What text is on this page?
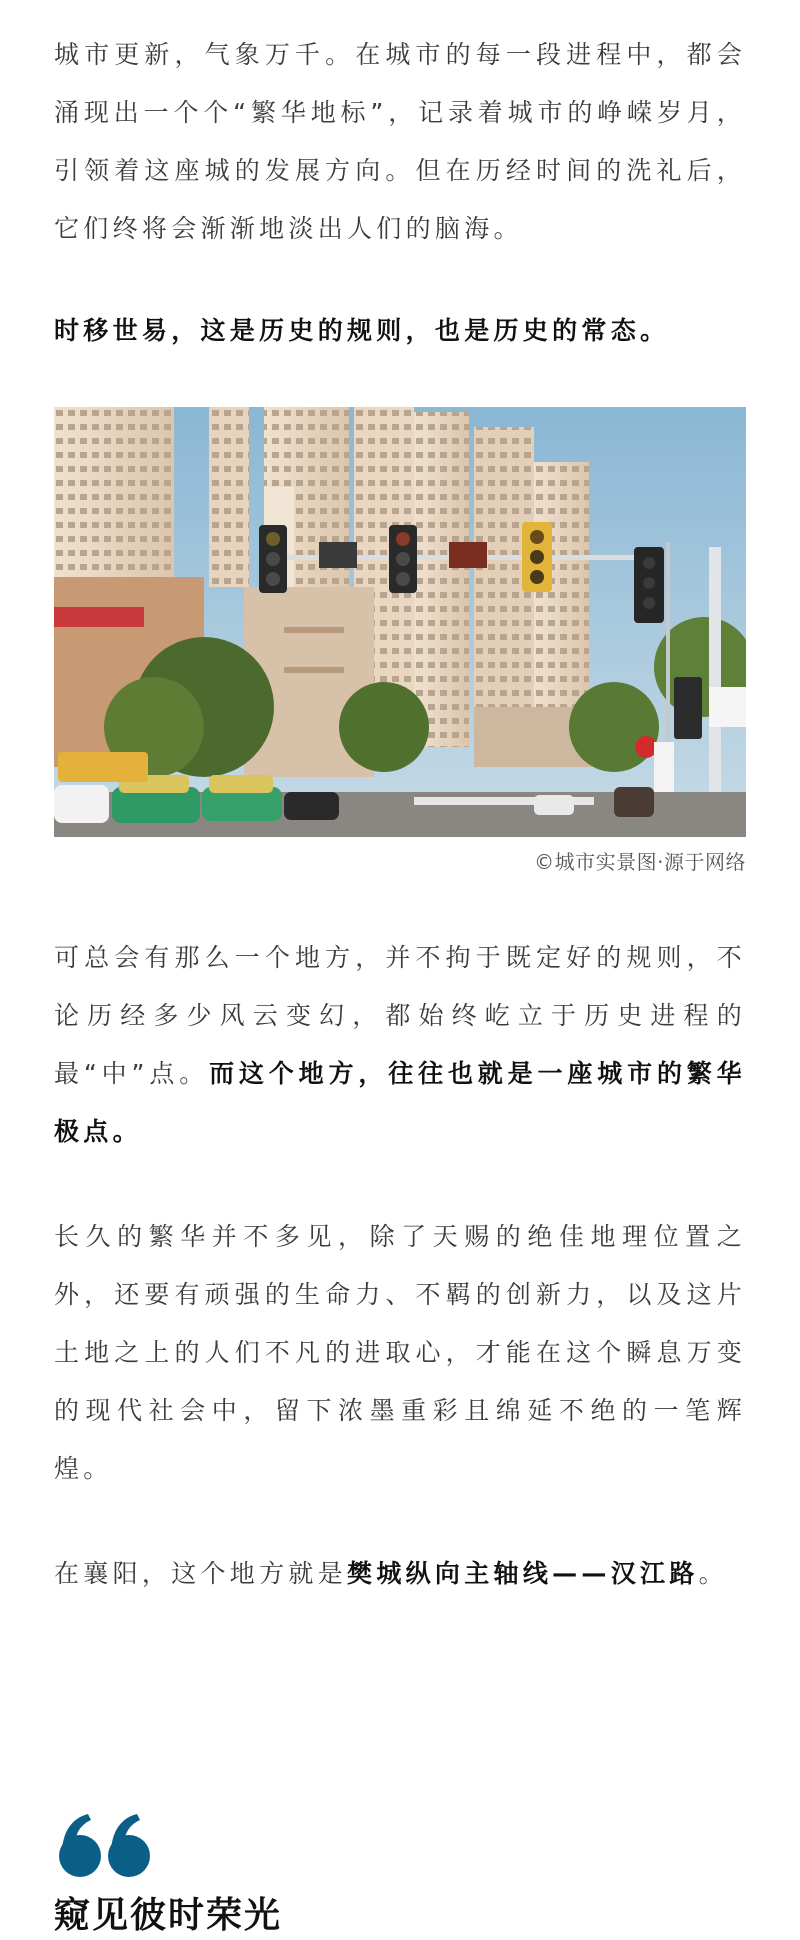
城市更新，气象万千。在城市的每一段进程中，都会涌现出一个个“繁华地标”，记录着城市的峥嵘岁月，引领着这座城的发展方向。但在历经时间的洗礼后，它们终将会渐渐地淡出人们的脑海。

时移世易，这是历史的规则，也是历史的常态。

©城市实景图·源于网络

可总会有那么一个地方，并不拘于既定好的规则，不论历经多少风云变幻，都始终屹立于历史进程的最“中”点。而这个地方，往往也就是一座城市的繁华极点。

长久的繁华并不多见，除了天赐的绝佳地理位置之外，还要有顽强的生命力、不羁的创新力，以及这片土地之上的人们不凡的进取心，才能在这个瞬息万变的现代社会中，留下浓墨重彩且绵延不绝的一笔辉煌。

在襄阳，这个地方就是樊城纵向主轴线——汉江路。

窥见彼时荣光
